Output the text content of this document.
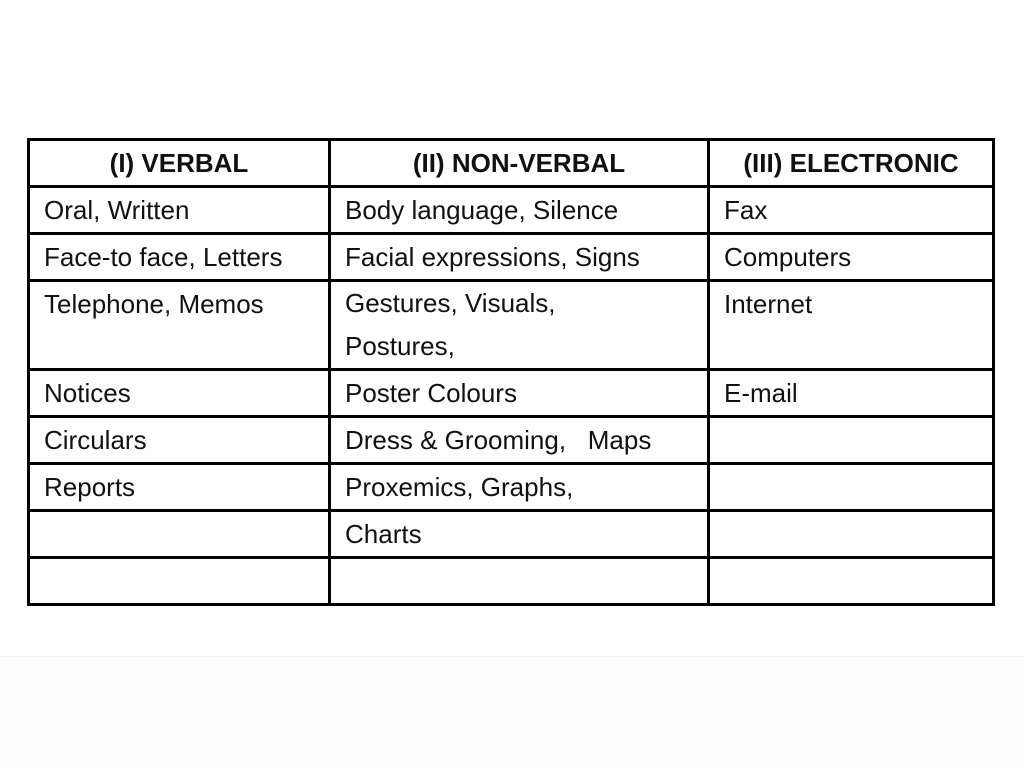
(I) VERBAL	(II) NON-VERBAL	(III) ELECTRONIC
Oral, Written	Body language, Silence	Fax
Face-to face, Letters	Facial expressions, Signs	Computers
Telephone, Memos	Gestures, Visuals, Postures,	Internet
Notices	Poster Colours	E-mail
Circulars	Dress & Grooming,   Maps	
Reports	Proxemics, Graphs,	
	Charts	
